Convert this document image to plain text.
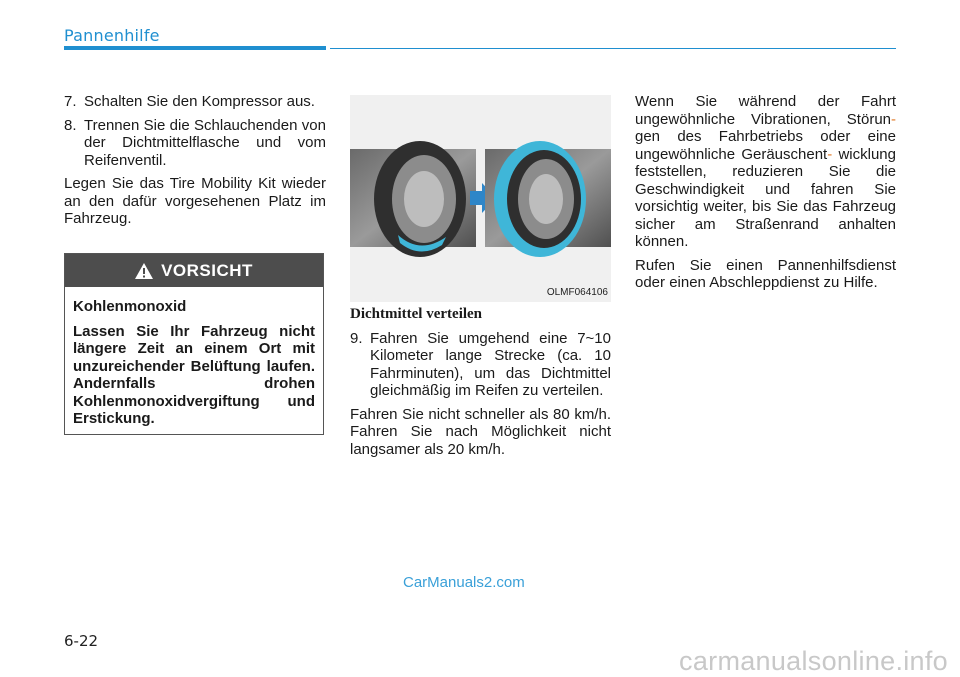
Pannenhilfe
7. Schalten Sie den Kompressor aus.
8. Trennen Sie die Schlauchenden von der Dichtmittelflasche und vom Reifenventil.

Legen Sie das Tire Mobility Kit wieder an den dafür vorgesehenen Platz im Fahrzeug.

VORSICHT

Kohlenmonoxid

Lassen Sie Ihr Fahrzeug nicht längere Zeit an einem Ort mit unzureichender Belüftung laufen. Andernfalls drohen Kohlenmonoxidvergiftung und Erstickung.

OLMF064106
Dichtmittel verteilen
9. Fahren Sie umgehend eine 7~10 Kilometer lange Strecke (ca. 10 Fahrminuten), um das Dichtmittel gleichmäßig im Reifen zu verteilen.

Fahren Sie nicht schneller als 80 km/h. Fahren Sie nach Möglichkeit nicht langsamer als 20 km/h.

Wenn Sie während der Fahrt ungewöhnliche Vibrationen, Störun- gen des Fahrbetriebs oder eine ungewöhnliche Geräuschent- wicklung feststellen, reduzieren Sie die Geschwindigkeit und fahren Sie vorsichtig weiter, bis Sie das Fahrzeug sicher am Straßenrand anhalten können.

Rufen Sie einen Pannenhilfsdienst oder einen Abschleppdienst zu Hilfe.

CarManuals2.com
6-22
carmanualsonline.info
